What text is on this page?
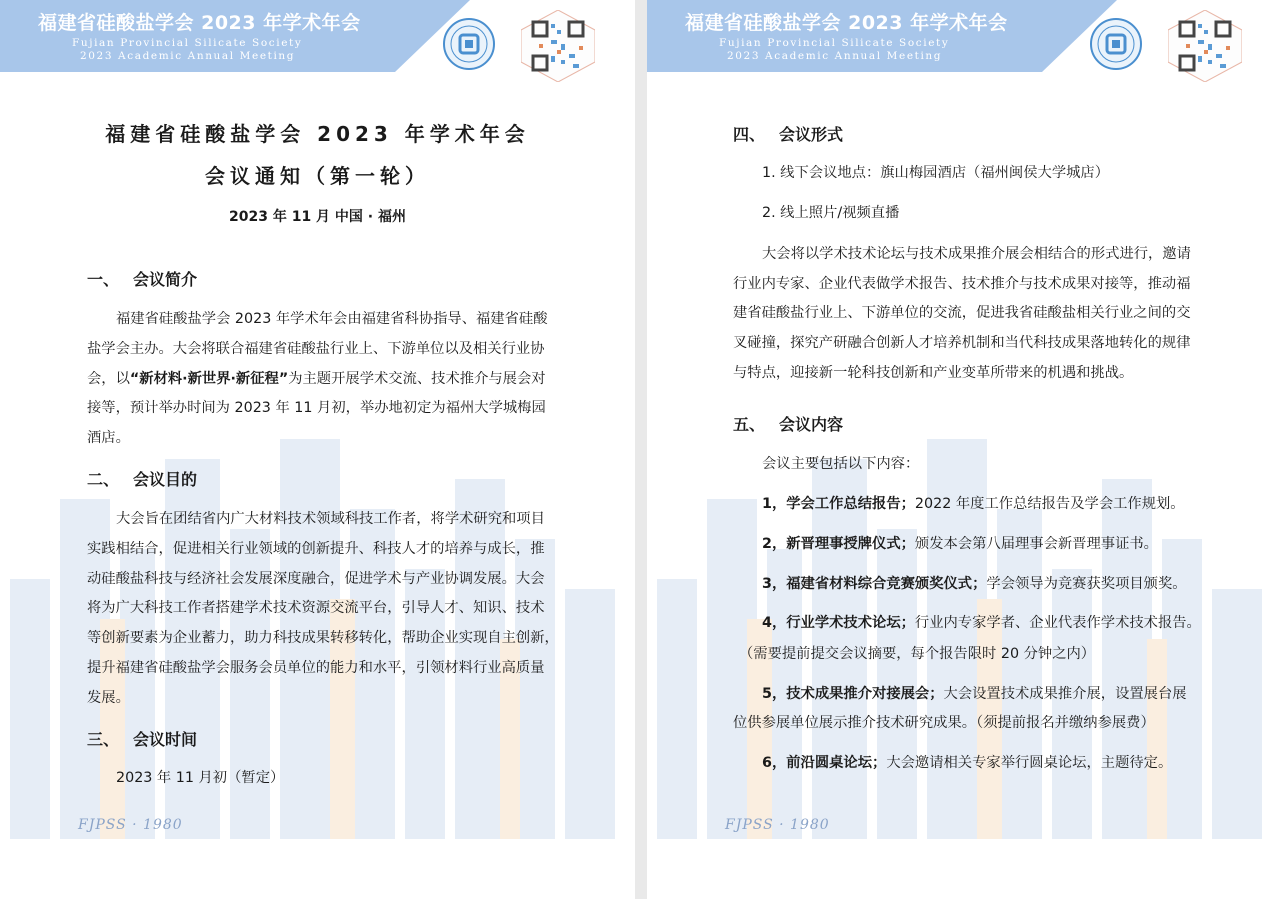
福建省硅酸盐学会 2023 年学术年会
Fujian Provincial Silicate Society
2023 Academic Annual Meeting
福建省硅酸盐学会 2023 年学术年会
会议通知（第一轮）
2023 年 11 月 中国 · 福州
一、 会议简介
福建省硅酸盐学会 2023 年学术年会由福建省科协指导、福建省硅酸
盐学会主办。大会将联合福建省硅酸盐行业上、下游单位以及相关行业协
会，以“新材料·新世界·新征程”为主题开展学术交流、技术推介与展会对
接等，预计举办时间为 2023 年 11 月初，举办地初定为福州大学城梅园
酒店。
二、 会议目的
大会旨在团结省内广大材料技术领域科技工作者，将学术研究和项目
实践相结合，促进相关行业领域的创新提升、科技人才的培养与成长，推
动硅酸盐科技与经济社会发展深度融合，促进学术与产业协调发展。大会
将为广大科技工作者搭建学术技术资源交流平台，引导人才、知识、技术
等创新要素为企业蓄力，助力科技成果转移转化，帮助企业实现自主创新，
提升福建省硅酸盐学会服务会员单位的能力和水平，引领材料行业高质量
发展。
三、 会议时间
2023 年 11 月初（暂定）
FJPSS · 1980
福建省硅酸盐学会 2023 年学术年会
Fujian Provincial Silicate Society
2023 Academic Annual Meeting
四、 会议形式
1. 线下会议地点：旗山梅园酒店（福州闽侯大学城店）
2. 线上照片/视频直播
大会将以学术技术论坛与技术成果推介展会相结合的形式进行，邀请
行业内专家、企业代表做学术报告、技术推介与技术成果对接等，推动福
建省硅酸盐行业上、下游单位的交流，促进我省硅酸盐相关行业之间的交
叉碰撞，探究产研融合创新人才培养机制和当代科技成果落地转化的规律
与特点，迎接新一轮科技创新和产业变革所带来的机遇和挑战。
五、 会议内容
会议主要包括以下内容：
1，学会工作总结报告；2022 年度工作总结报告及学会工作规划。
2，新晋理事授牌仪式；颁发本会第八届理事会新晋理事证书。
3，福建省材料综合竞赛颁奖仪式；学会领导为竞赛获奖项目颁奖。
4，行业学术技术论坛；行业内专家学者、企业代表作学术技术报告。
（需要提前提交会议摘要，每个报告限时 20 分钟之内）
5，技术成果推介对接展会；大会设置技术成果推介展，设置展台展
位供参展单位展示推介技术研究成果。（须提前报名并缴纳参展费）
6，前沿圆桌论坛；大会邀请相关专家举行圆桌论坛，主题待定。
FJPSS · 1980
